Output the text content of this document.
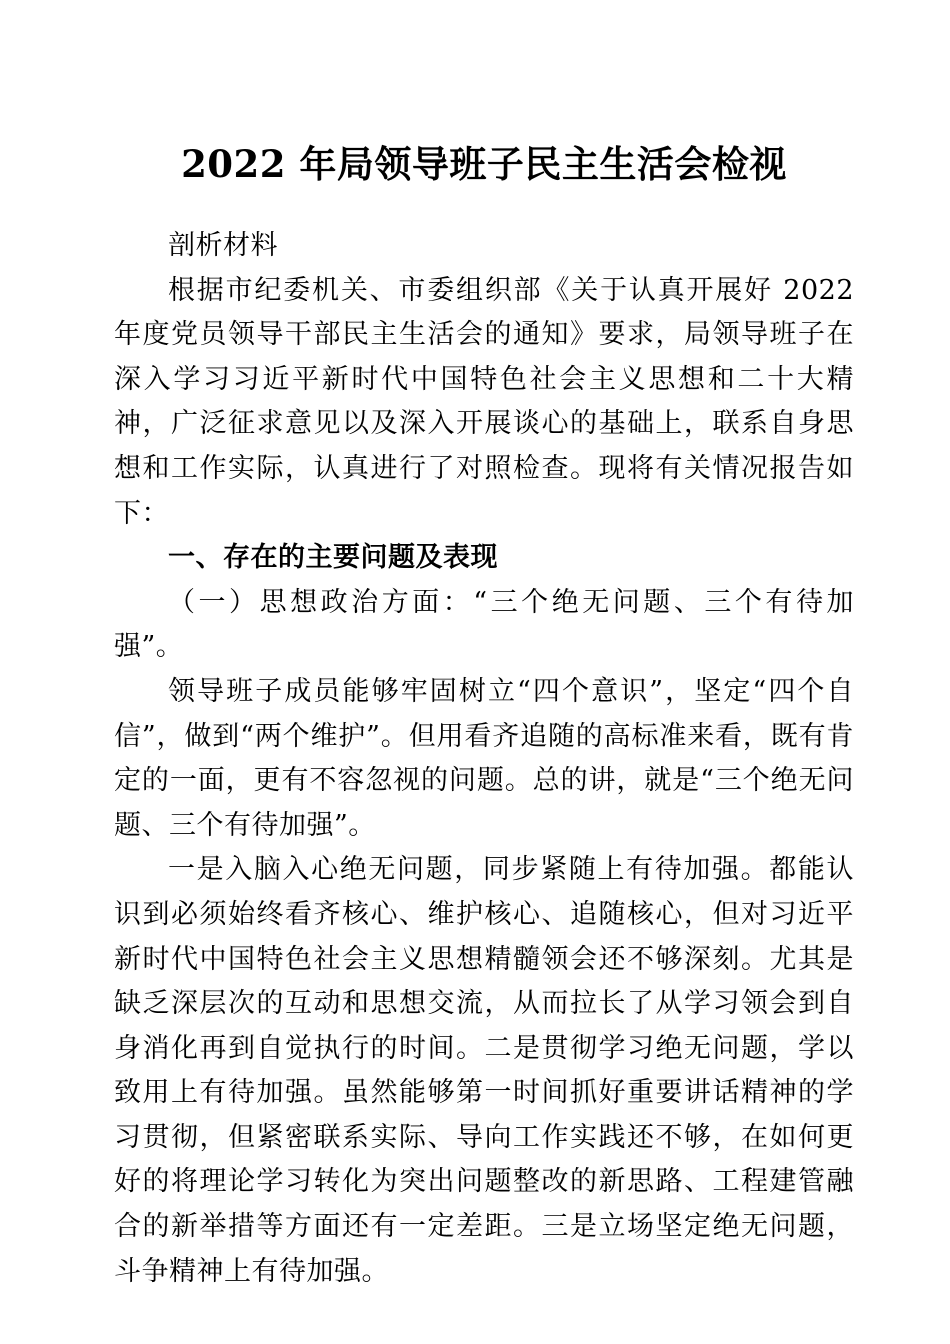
2022 年局领导班子民主生活会检视

剖析材料

根据市纪委机关、市委组织部《关于认真开展好 2022 年度党员领导干部民主生活会的通知》要求，局领导班子在深入学习习近平新时代中国特色社会主义思想和二十大精神，广泛征求意见以及深入开展谈心的基础上，联系自身思想和工作实际，认真进行了对照检查。现将有关情况报告如下：

一、存在的主要问题及表现

（一）思想政治方面：“三个绝无问题、三个有待加强”。

领导班子成员能够牢固树立“四个意识”，坚定“四个自信”，做到“两个维护”。但用看齐追随的高标准来看，既有肯定的一面，更有不容忽视的问题。总的讲，就是“三个绝无问题、三个有待加强”。

一是入脑入心绝无问题，同步紧随上有待加强。都能认识到必须始终看齐核心、维护核心、追随核心，但对习近平新时代中国特色社会主义思想精髓领会还不够深刻。尤其是缺乏深层次的互动和思想交流，从而拉长了从学习领会到自身消化再到自觉执行的时间。二是贯彻学习绝无问题，学以致用上有待加强。虽然能够第一时间抓好重要讲话精神的学习贯彻，但紧密联系实际、导向工作实践还不够，在如何更好的将理论学习转化为突出问题整改的新思路、工程建管融合的新举措等方面还有一定差距。三是立场坚定绝无问题，斗争精神上有待加强。
